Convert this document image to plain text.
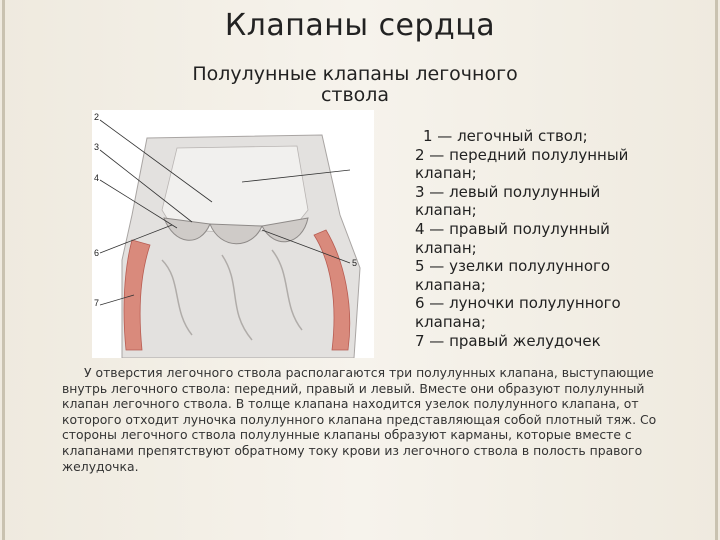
Клапаны сердца
Полулунные клапаны легочного ствола
2
3
4
6
7
5
1 — легочный ствол;
2 — передний полулунный
клапан;
3 — левый полулунный
клапан;
4 — правый полулунный
клапан;
5 — узелки полулунного
клапана;
6 — луночки полулунного
клапана;
7 — правый желудочек
У отверстия легочного ствола располагаются три полулунных клапана, выступающие внутрь легочного ствола: передний, правый и левый. Вместе они образуют полулунный клапан легочного ствола. В толще клапана находится узелок полулунного клапана, от которого отходит луночка полулунного клапана представляющая собой плотный тяж. Со стороны легочного ствола полулунные клапаны образуют карманы, которые вместе с клапанами препятствуют обратному току крови из легочного ствола в полость правого желудочка.
